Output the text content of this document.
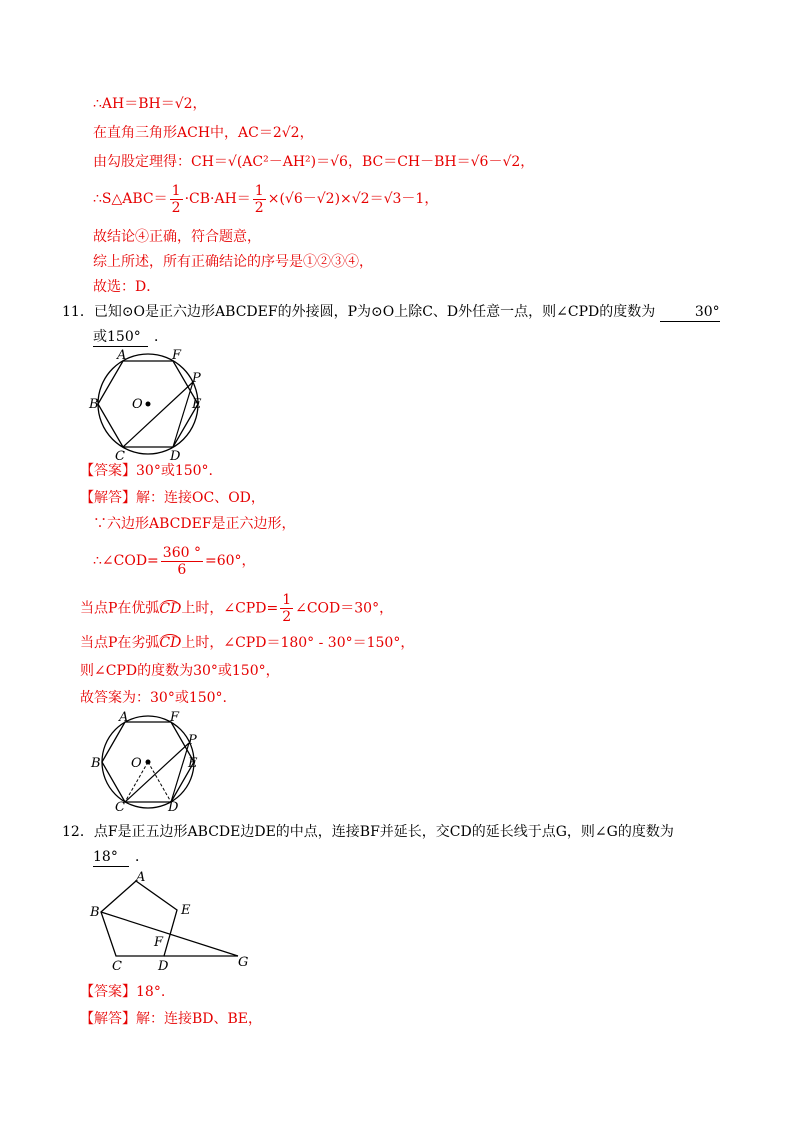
∴AH＝BH＝√2，
在直角三角形ACH中，AC＝2√2，
由勾股定理得：CH＝√(AC²－AH²)＝√6，BC＝CH－BH＝√6－√2，
∴S△ABC＝ $\frac{1}{2} \cdot CB\cdot AH= \frac{1}{2} \times(√6-√2)\times√2=√3-1$，
故结论④正确，符合题意，
综上所述，所有正确结论的序号是①②③④，
故选：D．
11．已知⊙O是正六边形ABCDEF的外接圆，P为⊙O上除C、D外任意一点，则∠CPD的度数为	30°
或150° ．
A	F
B	O
P
E
C	D
【答案】30°或150°.
【解答】解：连接OC、OD，
∵六边形ABCDEF是正六边形，
∴∠COD= $\frac{360 ^\circ}{6} =60^\circ$，
当点P在优弧CD上时，∠CPD= $\frac{1}{2}$ ∠COD＝30°，
当点P在劣弧CD上时，∠CPD＝180° - 30°＝150°，
则∠CPD的度数为30°或150°，
故答案为：30°或150°.
A	F
B O
P
E
C	D
12．点F是正五边形ABCDE边DE的中点，连接BF并延长，交CD的延长线于点G，则∠G的度数为
18° ．
A
B	E
F
C	D	G
【答案】18°.
【解答】解：连接BD、BE，
